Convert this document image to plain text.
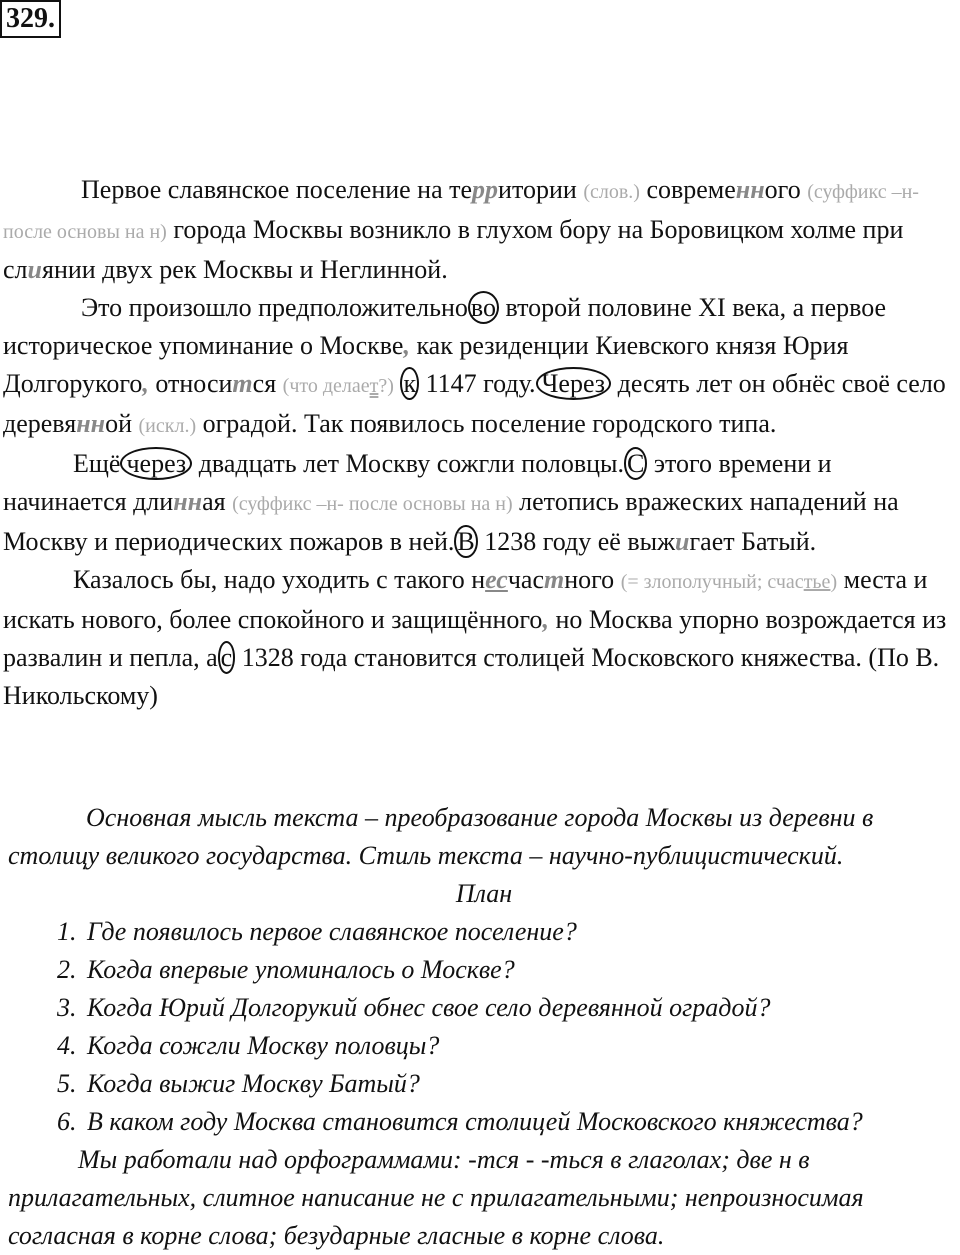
329.

Первое славянское поселение на территории (слов.) современного (суффикс –н- после основы на н) города Москвы возникло в глухом бору на Боровицком холме при слиянии двух рек Москвы и Неглинной.

Это произошло предположительно во второй половине XI века, а первое историческое упоминание о Москве, как резиденции Киевского князя Юрия Долгорукого, относится (что делает?) к 1147 году. Через десять лет он обнёс своё село деревянной (искл.) оградой. Так появилось поселение городского типа.

Ещё через двадцать лет Москву сожгли половцы. С этого времени и начинается длинная (суффикс –н- после основы на н) летопись вражеских нападений на Москву и периодических пожаров в ней. В 1238 году её выжигает Батый.

Казалось бы, надо уходить с такого несчастного (= злополучный; счастье) места и искать нового, более спокойного и защищённого, но Москва упорно возрождается из развалин и пепла, а с 1328 года становится столицей Московского княжества. (По В. Никольскому)

Основная мысль текста – преобразование города Москвы из деревни в столицу великого государства. Стиль текста – научно-публицистический.

План

1. Где появилось первое славянское поселение?
2. Когда впервые упоминалось о Москве?
3. Когда Юрий Долгорукий обнес свое село деревянной оградой?
4. Когда сожгли Москву половцы?
5. Когда выжиг Москву Батый?
6. В каком году Москва становится столицей Московского княжества?

Мы работали над орфограммами: -тся - -ться в глаголах; две н в прилагательных, слитное написание не с прилагательными; непроизносимая согласная в корне слова; безударные гласные в корне слова.
